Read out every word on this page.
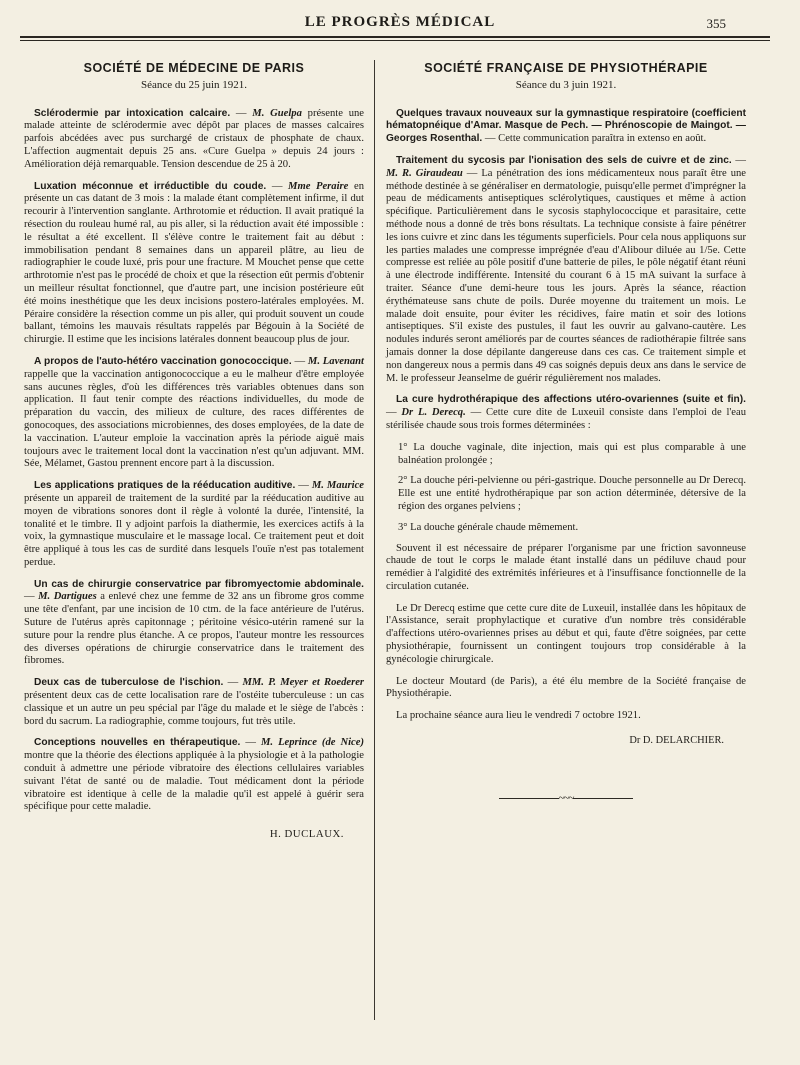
LE PROGRÈS MÉDICAL	355
SOCIÉTÉ DE MÉDECINE DE PARIS
Séance du 25 juin 1921.

Sclérodermie par intoxication calcaire. — M. Guelpa présente une malade atteinte de sclérodermie avec dépôt par places de masses calcaires parfois abcédées avec pus surchargé de cristaux de phosphate de chaux. L'affection augmentait depuis 25 ans. «Cure Guelpa » depuis 24 jours : Amélioration déjà remarquable. Tension descendue de 25 à 20.

Luxation méconnue et irréductible du coude. — Mme Peraire en présente un cas datant de 3 mois : la malade étant complètement infirme, il dut recourir à l'intervention sanglante. Arthrotomie et réduction. Il avait pratiqué la résection du rouleau humé ral, au pis aller, si la réduction avait été impossible : le résultat a été excellent. Il s'élève contre le traitement fait au début : immobilisation pendant 8 semaines dans un appareil plâtre, au lieu de radiographier le coude luxé, pris pour une fracture. M Mouchet pense que cette arthrotomie n'est pas le procédé de choix et que la résection eût permis d'obtenir un meilleur résultat fonctionnel, que d'autre part, une incision postérieure eût été moins inesthétique que les deux incisions postero-latérales employées. M. Péraire considère la résection comme un pis aller, qui produit souvent un coude ballant, témoins les mauvais résultats rappelés par Bégouin à la Société de chirurgie. Il estime que les incisions latérales donnent beaucoup plus de jour.

A propos de l'auto-hétéro vaccination gonococcique. — M. Lavenant rappelle que la vaccination antigonococcique a eu le malheur d'être employée sans aucunes règles, d'où les différences très variables obtenues dans son application. Il faut tenir compte des réactions individuelles, du mode de préparation du vaccin, des milieux de culture, des races différentes de gonocoques, des associations microbiennes, des doses employées, de la date de la vaccination. L'auteur emploie la vaccination après la période aiguë mais toujours avec le traitement local dont la vaccination n'est qu'un adjuvant. MM. Sée, Mélamet, Gastou prennent encore part à la discussion.

Les applications pratiques de la rééducation auditive. — M. Maurice présente un appareil de traitement de la surdité par la rééducation auditive au moyen de vibrations sonores dont il règle à volonté la durée, l'intensité, la tonalité et le timbre. Il y adjoint parfois la diathermie, les exercices actifs à la voix, la gymnastique musculaire et le massage local. Ce traitement peut et doit être appliqué à tous les cas de surdité dans lesquels l'ouïe n'est pas totalement perdue.

Un cas de chirurgie conservatrice par fibromyectomie abdominale. — M. Dartigues a enlevé chez une femme de 32 ans un fibrome gros comme une tête d'enfant, par une incision de 10 ctm. de la face antérieure de l'utérus. Suture de l'utérus après capitonnage ; péritoine vésico-utérin ramené sur la suture pour la rendre plus étanche. A ce propos, l'auteur montre les ressources des diverses opérations de chirurgie conservatrice dans le traitement des fibromes.

Deux cas de tuberculose de l'ischion. — MM. P. Meyer et Roederer présentent deux cas de cette localisation rare de l'ostéite tuberculeuse : un cas classique et un autre un peu spécial par l'âge du malade et le siège de l'abcès : bord du sacrum. La radiographie, comme toujours, fut très utile.

Conceptions nouvelles en thérapeutique. — M. Leprince (de Nice) montre que la théorie des élections appliquée à la physiologie et à la pathologie conduit à admettre une période vibratoire des élections cellulaires variables suivant l'état de santé ou de maladie. Tout médicament dont la période vibratoire est identique à celle de la maladie qu'il est appelé à guérir sera spécifique pour cette maladie.

H. DUCLAUX.
SOCIÉTÉ FRANÇAISE DE PHYSIOTHÉRAPIE
Séance du 3 juin 1921.

Quelques travaux nouveaux sur la gymnastique respiratoire (coefficient hématopnéique d'Amar. Masque de Pech. — Phrénoscopie de Maingot. — Georges Rosenthal. — Cette communication paraîtra in extenso en août.

Traitement du sycosis par l'ionisation des sels de cuivre et de zinc. — M. R. Giraudeau — La pénétration des ions médicamenteux nous paraît être une méthode destinée à se généraliser en dermatologie, puisqu'elle permet d'imprégner la peau de médicaments antiseptiques sclérolytiques, caustiques et même à action spécifique. Particulièrement dans le sycosis staphylococcique et parasitaire, cette méthode nous a donné de très bons résultats. La technique consiste à faire pénétrer les ions cuivre et zinc dans les téguments superficiels. Pour cela nous appliquons sur les parties malades une compresse imprégnée d'eau d'Alibour diluée au 1/5e. Cette compresse est reliée au pôle positif d'une batterie de piles, le pôle négatif étant réuni à une électrode indifférente. Intensité du courant 6 à 15 mA suivant la surface à traiter. Séance d'une demi-heure tous les jours. Après la séance, réaction érythémateuse sans chute de poils. Durée moyenne du traitement un mois. Le malade doit ensuite, pour éviter les récidives, faire matin et soir des lotions antiseptiques. S'il existe des pustules, il faut les ouvrir au galvano-cautère. Les nodules indurés seront améliorés par de courtes séances de radiothérapie filtrée sans jamais donner la dose dépilante dangereuse dans ces cas. Ce traitement simple et non dangereux nous a permis dans 49 cas soignés depuis deux ans dans le service de M. le professeur Jeanselme de guérir régulièrement nos malades.

La cure hydrothérapique des affections utéro-ovariennes (suite et fin). — Dr L. Derecq. — Cette cure dite de Luxeuil consiste dans l'emploi de l'eau stérilisée chaude sous trois formes déterminées :

1° La douche vaginale, dite injection, mais qui est plus comparable à une balnéation prolongée ;

2° La douche péri-pelvienne ou péri-gastrique. Douche personnelle au Dr Derecq. Elle est une entité hydrothérapique par son action déterminée, détersive de la région des organes pelviens ;

3° La douche générale chaude mêmement.

Souvent il est nécessaire de préparer l'organisme par une friction savonneuse chaude de tout le corps le malade étant installé dans un pédiluve chaud pour remédier à l'algidité des extrémités inférieures et à l'insuffisance fonctionnelle de la circulation cutanée.

Le Dr Derecq estime que cette cure dite de Luxeuil, installée dans les hôpitaux de l'Assistance, serait prophylactique et curative d'un nombre très considérable d'affections utéro-ovariennes prises au début et qui, faute d'être soignées, par cette physiothérapie, fournissent un contingent toujours trop considérable à la gynécologie chirurgicale.

Le docteur Moutard (de Paris), a été élu membre de la Société française de Physiothérapie.

La prochaine séance aura lieu le vendredi 7 octobre 1921.

Dr D. DELARCHIER.
~~~
